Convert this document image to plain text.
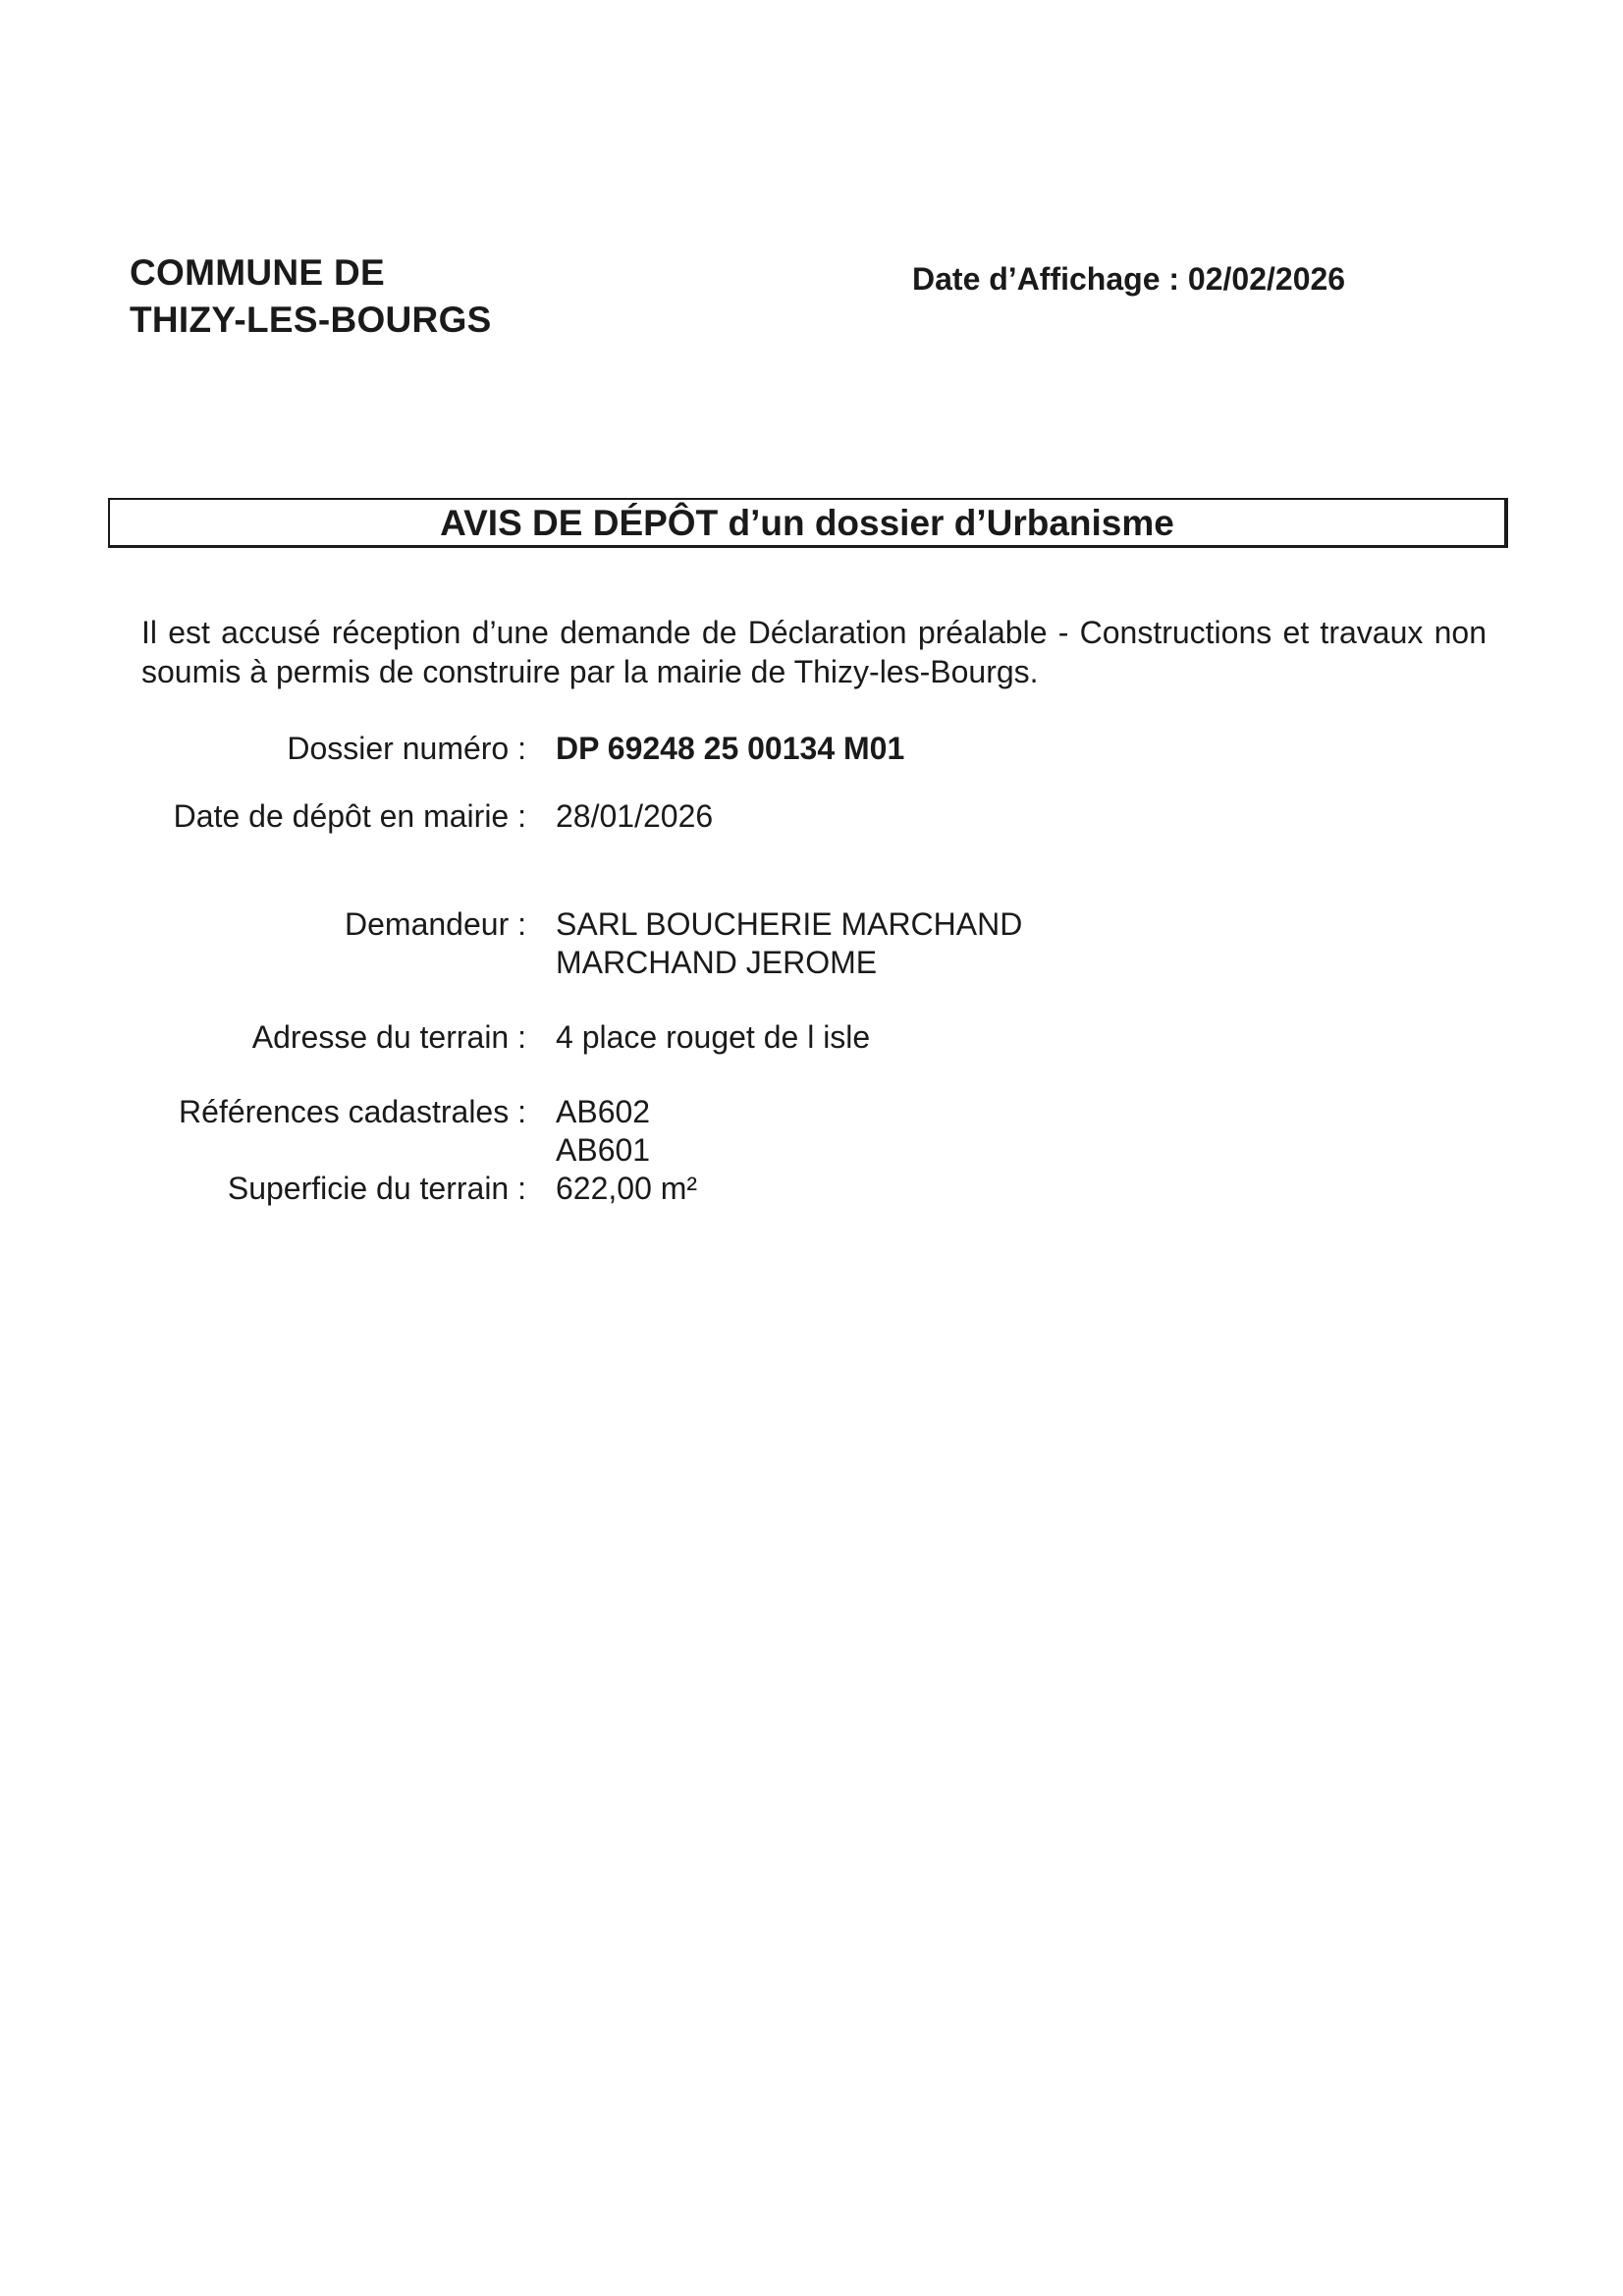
COMMUNE DE
THIZY-LES-BOURGS
Date d’Affichage : 02/02/2026
AVIS DE DÉPÔT d’un dossier d’Urbanisme
Il est accusé réception d’une demande de Déclaration préalable - Constructions et travaux non soumis à permis de construire par la mairie de Thizy-les-Bourgs.
Dossier numéro : DP 69248 25 00134 M01
Date de dépôt en mairie : 28/01/2026
Demandeur : SARL BOUCHERIE MARCHAND
MARCHAND JEROME
Adresse du terrain : 4 place rouget de l isle
Références cadastrales : AB602
AB601
Superficie du terrain : 622,00 m²
